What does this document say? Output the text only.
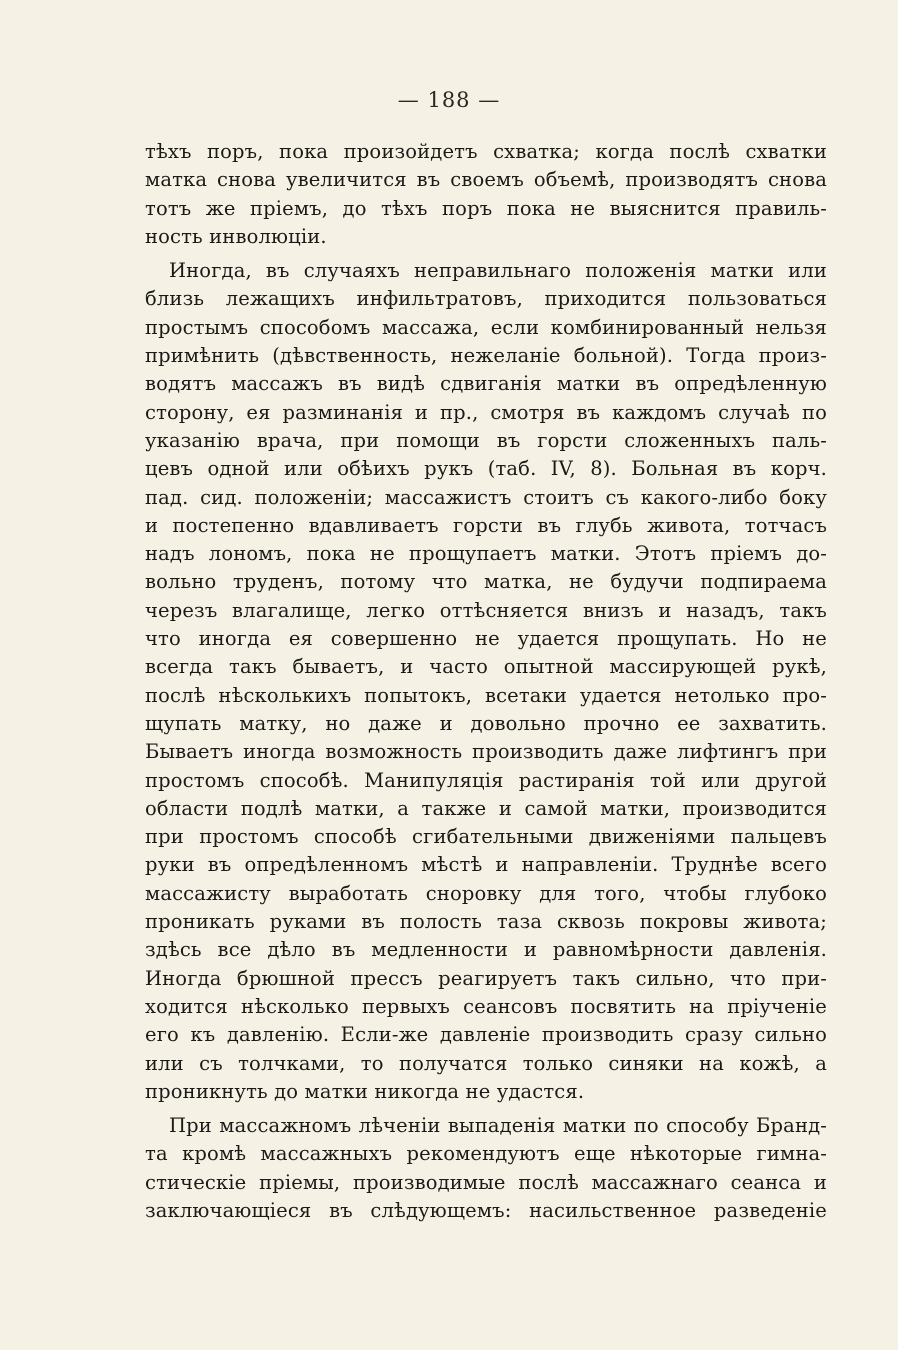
— 188 —
тѣхъ поръ, пока произойдетъ схватка; когда послѣ схватки
матка снова увеличится въ своемъ объемѣ, производятъ снова
тотъ же пріемъ, до тѣхъ поръ пока не выяснится правиль-
ность инволюціи.
Иногда, въ случаяхъ неправильнаго положенія матки или
близь лежащихъ инфильтратовъ, приходится пользоваться
простымъ способомъ массажа, если комбинированный нельзя
примѣнить (дѣвственность, нежеланіе больной). Тогда произ-
водятъ массажъ въ видѣ сдвиганія матки въ опредѣленную
сторону, ея разминанія и пр., смотря въ каждомъ случаѣ по
указанію врача, при помощи въ горсти сложенныхъ паль-
цевъ одной или обѣихъ рукъ (таб. IV, 8). Больная въ корч.
пад. сид. положеніи; массажистъ стоитъ съ какого-либо боку
и постепенно вдавливаетъ горсти въ глубь живота, тотчасъ
надъ лономъ, пока не прощупаетъ матки. Этотъ пріемъ до-
вольно труденъ, потому что матка, не будучи подпираема
черезъ влагалище, легко оттѣсняется внизъ и назадъ, такъ
что иногда ея совершенно не удается прощупать. Но не
всегда такъ бываетъ, и часто опытной массирующей рукѣ,
послѣ нѣсколькихъ попытокъ, всетаки удается нетолько про-
щупать матку, но даже и довольно прочно ее захватить.
Бываетъ иногда возможность производить даже лифтингъ при
простомъ способѣ. Манипуляція растиранія той или другой
области подлѣ матки, а также и самой матки, производится
при простомъ способѣ сгибательными движеніями пальцевъ
руки въ опредѣленномъ мѣстѣ и направленіи. Труднѣе всего
массажисту выработать сноровку для того, чтобы глубоко
проникать руками въ полость таза сквозь покровы живота;
здѣсь все дѣло въ медленности и равномѣрности давленія.
Иногда брюшной прессъ реагируетъ такъ сильно, что при-
ходится нѣсколько первыхъ сеансовъ посвятить на пріученіе
его къ давленію. Если-же давленіе производить сразу сильно
или съ толчками, то получатся только синяки на кожѣ, а
проникнуть до матки никогда не удастся.
При массажномъ лѣченіи выпаденія матки по способу Бранд-
та кромѣ массажныхъ рекомендуютъ еще нѣкоторые гимна-
стическіе пріемы, производимые послѣ массажнаго сеанса и
заключающіеся въ слѣдующемъ: насильственное разведеніе
